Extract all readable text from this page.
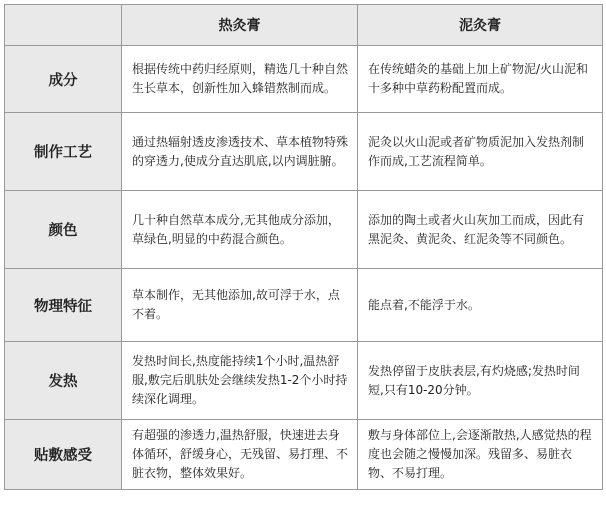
	热灸膏	泥灸膏
成分	根据传统中药归经原则，精选几十种自然生长草本，创新性加入蜂错熬制而成。	在传统蜡灸的基础上加上矿物泥/火山泥和十多种中草药粉配置而成。
制作工艺	通过热辐射透皮渗透技术、草本植物特殊的穿透力,使成分直达肌底,以内调脏腑。	泥灸以火山泥或者矿物质泥加入发热剂制作而成,工艺流程简单。
颜色	几十种自然草本成分,无其他成分添加，草绿色,明显的中药混合颜色。	添加的陶土或者火山灰加工而成，因此有黑泥灸、黄泥灸、红泥灸等不同颜色。
物理特征	草本制作，无其他添加,故可浮于水，点不着。	能点着,不能浮于水。
发热	发热时间长,热度能持续1个小时,温热舒服,敷完后肌肤处会继续发热1-2个小时持续深化调理。	发热停留于皮肤表层,有灼烧感;发热时间短,只有10-20分钟。
贴敷感受	有超强的渗透力,温热舒服，快速进去身体循环，舒缓身心，无残留、易打理、不脏衣物，整体效果好。	敷与身体部位上,会逐渐散热,人感觉热的程度也会随之慢慢加深。残留多、易脏衣物、不易打理。
